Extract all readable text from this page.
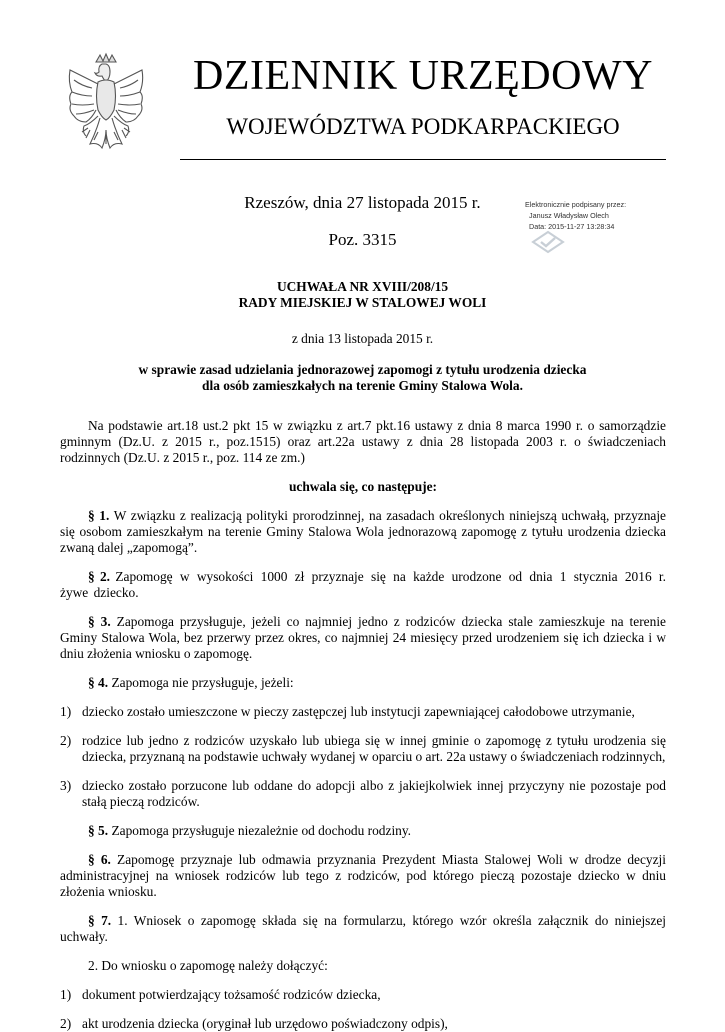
DZIENNIK URZĘDOWY
WOJEWÓDZTWA PODKARPACKIEGO
Rzeszów, dnia 27 listopada 2015 r.
Poz. 3315
Elektronicznie podpisany przez:
Janusz Władysław Olech
Data: 2015-11-27 13:28:34
UCHWAŁA NR XVIII/208/15
RADY MIEJSKIEJ W STALOWEJ WOLI
z dnia 13 listopada 2015 r.
w sprawie zasad udzielania jednorazowej zapomogi z tytułu urodzenia dziecka
dla osób zamieszkałych na terenie Gminy Stalowa Wola.

Na podstawie art.18 ust.2 pkt 15 w związku z art.7 pkt.16 ustawy z dnia 8 marca 1990 r. o samorządzie gminnym (Dz.U. z 2015 r., poz.1515) oraz art.22a ustawy z dnia 28 listopada 2003 r. o świadczeniach rodzinnych (Dz.U. z 2015 r., poz. 114 ze zm.)

uchwala się, co następuje:

§ 1. W związku z realizacją polityki prorodzinnej, na zasadach określonych niniejszą uchwałą, przyznaje się osobom zamieszkałym na terenie Gminy Stalowa Wola jednorazową zapomogę z tytułu urodzenia dziecka zwaną dalej „zapomogą”.

§ 2. Zapomogę w wysokości 1000 zł przyznaje się na każde urodzone od dnia 1 stycznia 2016 r. żywe dziecko.

§ 3. Zapomoga przysługuje, jeżeli co najmniej jedno z rodziców dziecka stale zamieszkuje na terenie Gminy Stalowa Wola, bez przerwy przez okres, co najmniej 24 miesięcy przed urodzeniem się ich dziecka i w dniu złożenia wniosku o zapomogę.

§ 4. Zapomoga nie przysługuje, jeżeli:

1) dziecko zostało umieszczone w pieczy zastępczej lub instytucji zapewniającej całodobowe utrzymanie,
2) rodzice lub jedno z rodziców uzyskało lub ubiega się w innej gminie o zapomogę z tytułu urodzenia się dziecka, przyznaną na podstawie uchwały wydanej w oparciu o art. 22a ustawy o świadczeniach rodzinnych,
3) dziecko zostało porzucone lub oddane do adopcji albo z jakiejkolwiek innej przyczyny nie pozostaje pod stałą pieczą rodziców.

§ 5. Zapomoga przysługuje niezależnie od dochodu rodziny.

§ 6. Zapomogę przyznaje lub odmawia przyznania Prezydent Miasta Stalowej Woli w drodze decyzji administracyjnej na wniosek rodziców lub tego z rodziców, pod którego pieczą pozostaje dziecko w dniu złożenia wniosku.

§ 7. 1. Wniosek o zapomogę składa się na formularzu, którego wzór określa załącznik do niniejszej uchwały.

2. Do wniosku o zapomogę należy dołączyć:

1) dokument potwierdzający tożsamość rodziców dziecka,
2) akt urodzenia dziecka (oryginał lub urzędowo poświadczony odpis),
